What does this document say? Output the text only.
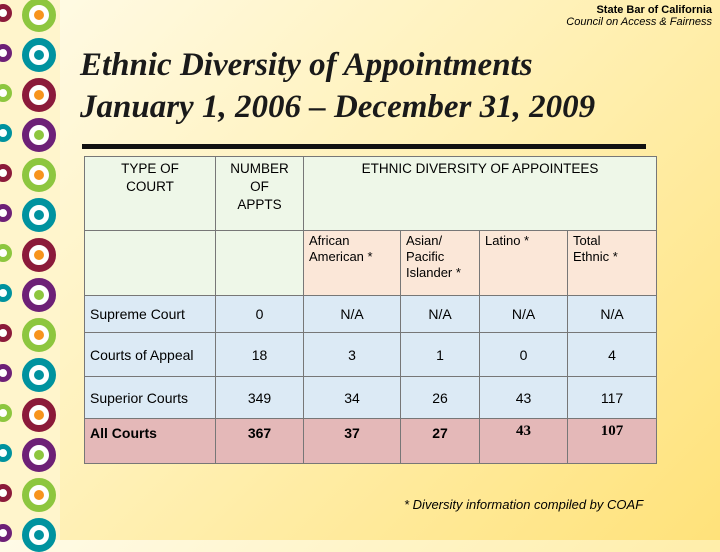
State Bar of California
Council on Access & Fairness
Ethnic Diversity of Appointments
January 1, 2006 – December 31, 2009
TYPE OF COURT	NUMBER OF APPTS	ETHNIC DIVERSITY OF APPOINTEES			
		African American *	Asian/ Pacific Islander *	Latino *	Total Ethnic *

Supreme Court	0	N/A	N/A	N/A	N/A
Courts of Appeal	18	3	1	0	4
Superior Courts	349	34	26	43	117
All Courts	367	37	27	43	107
* Diversity information compiled by COAF
